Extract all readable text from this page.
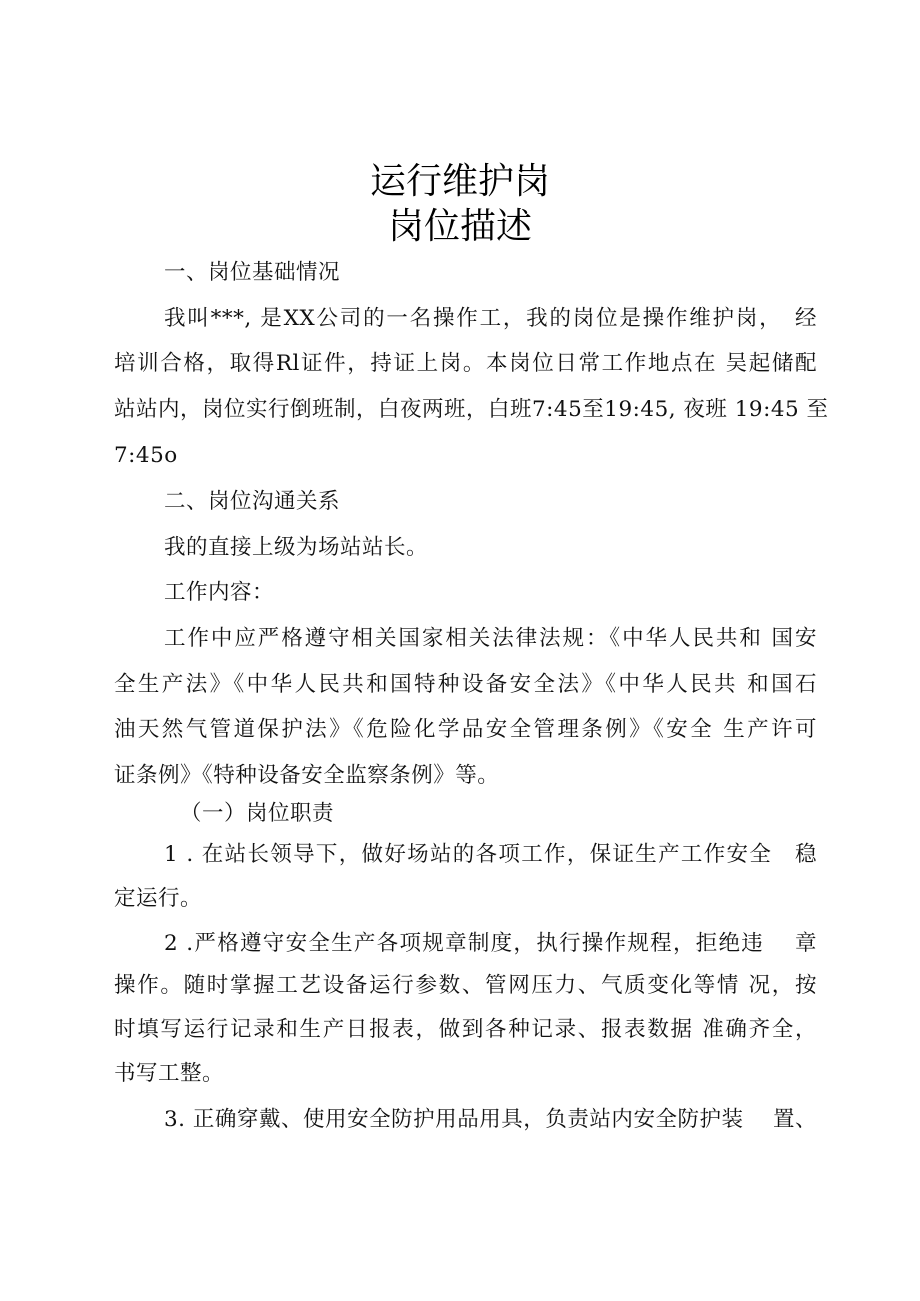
运行维护岗
岗位描述
一、岗位基础情况
我叫***, 是XX公司的一名操作工，我的岗位是操作维护岗，　经
培训合格，取得Rl证件，持证上岗。本岗位日常工作地点在 吴起储配
站站内，岗位实行倒班制，白夜两班，白班7:45至19:45, 夜班 19:45 至
7:45o
二、岗位沟通关系
我的直接上级为场站站长。
工作内容：
工作中应严格遵守相关国家相关法律法规：《中华人民共和 国安
全生产法》《中华人民共和国特种设备安全法》《中华人民共 和国石
油天然气管道保护法》《危险化学品安全管理条例》《安全 生产许可
证条例》《特种设备安全监察条例》等。
（一）岗位职责
1 . 在站长领导下，做好场站的各项工作，保证生产工作安全　稳
定运行。
2 .严格遵守安全生产各项规章制度，执行操作规程，拒绝违　 章
操作。随时掌握工艺设备运行参数、管网压力、气质变化等情 况，按
时填写运行记录和生产日报表，做到各种记录、报表数据 准确齐全，
书写工整。
3. 正确穿戴、使用安全防护用品用具，负责站内安全防护装　 置、
